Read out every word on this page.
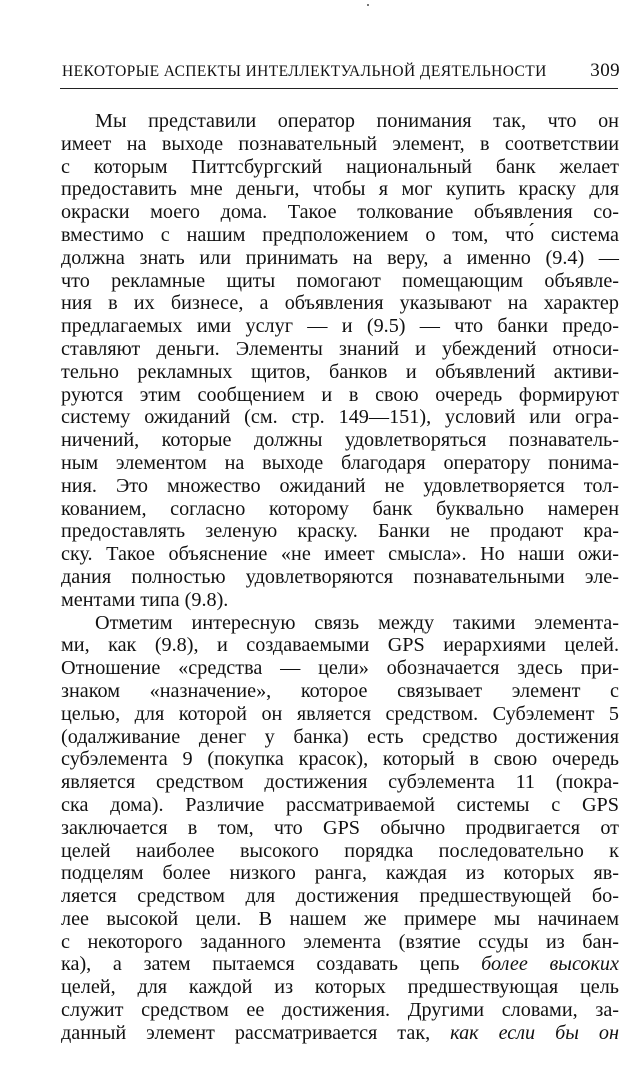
НЕКОТОРЫЕ АСПЕКТЫ ИНТЕЛЛЕКТУАЛЬНОЙ ДЕЯТЕЛЬНОСТИ 309
Мы представили оператор понимания так, что он
имеет на выходе познавательный элемент, в соответствии
с которым Питтсбургский национальный банк желает
предоставить мне деньги, чтобы я мог купить краску для
окраски моего дома. Такое толкование объявления со-
вместимо с нашим предположением о том, что́ система
должна знать или принимать на веру, а именно (9.4) —
что рекламные щиты помогают помещающим объявле-
ния в их бизнесе, а объявления указывают на характер
предлагаемых ими услуг — и (9.5) — что банки предо-
ставляют деньги. Элементы знаний и убеждений относи-
тельно рекламных щитов, банков и объявлений активи-
руются этим сообщением и в свою очередь формируют
систему ожиданий (см. стр. 149—151), условий или огра-
ничений, которые должны удовлетворяться познаватель-
ным элементом на выходе благодаря оператору понима-
ния. Это множество ожиданий не удовлетворяется тол-
кованием, согласно которому банк буквально намерен
предоставлять зеленую краску. Банки не продают кра-
ску. Такое объяснение «не имеет смысла». Но наши ожи-
дания полностью удовлетворяются познавательными эле-
ментами типа (9.8).
Отметим интересную связь между такими элемента-
ми, как (9.8), и создаваемыми GPS иерархиями целей.
Отношение «средства — цели» обозначается здесь при-
знаком «назначение», которое связывает элемент с
целью, для которой он является средством. Субэлемент 5
(одалживание денег у банка) есть средство достижения
субэлемента 9 (покупка красок), который в свою очередь
является средством достижения субэлемента 11 (покра-
ска дома). Различие рассматриваемой системы с GPS
заключается в том, что GPS обычно продвигается от
целей наиболее высокого порядка последовательно к
подцелям более низкого ранга, каждая из которых яв-
ляется средством для достижения предшествующей бо-
лее высокой цели. В нашем же примере мы начинаем
с некоторого заданного элемента (взятие ссуды из бан-
ка), а затем пытаемся создавать цепь более высоких
целей, для каждой из которых предшествующая цель
служит средством ее достижения. Другими словами, за-
данный элемент рассматривается так, как если бы он
